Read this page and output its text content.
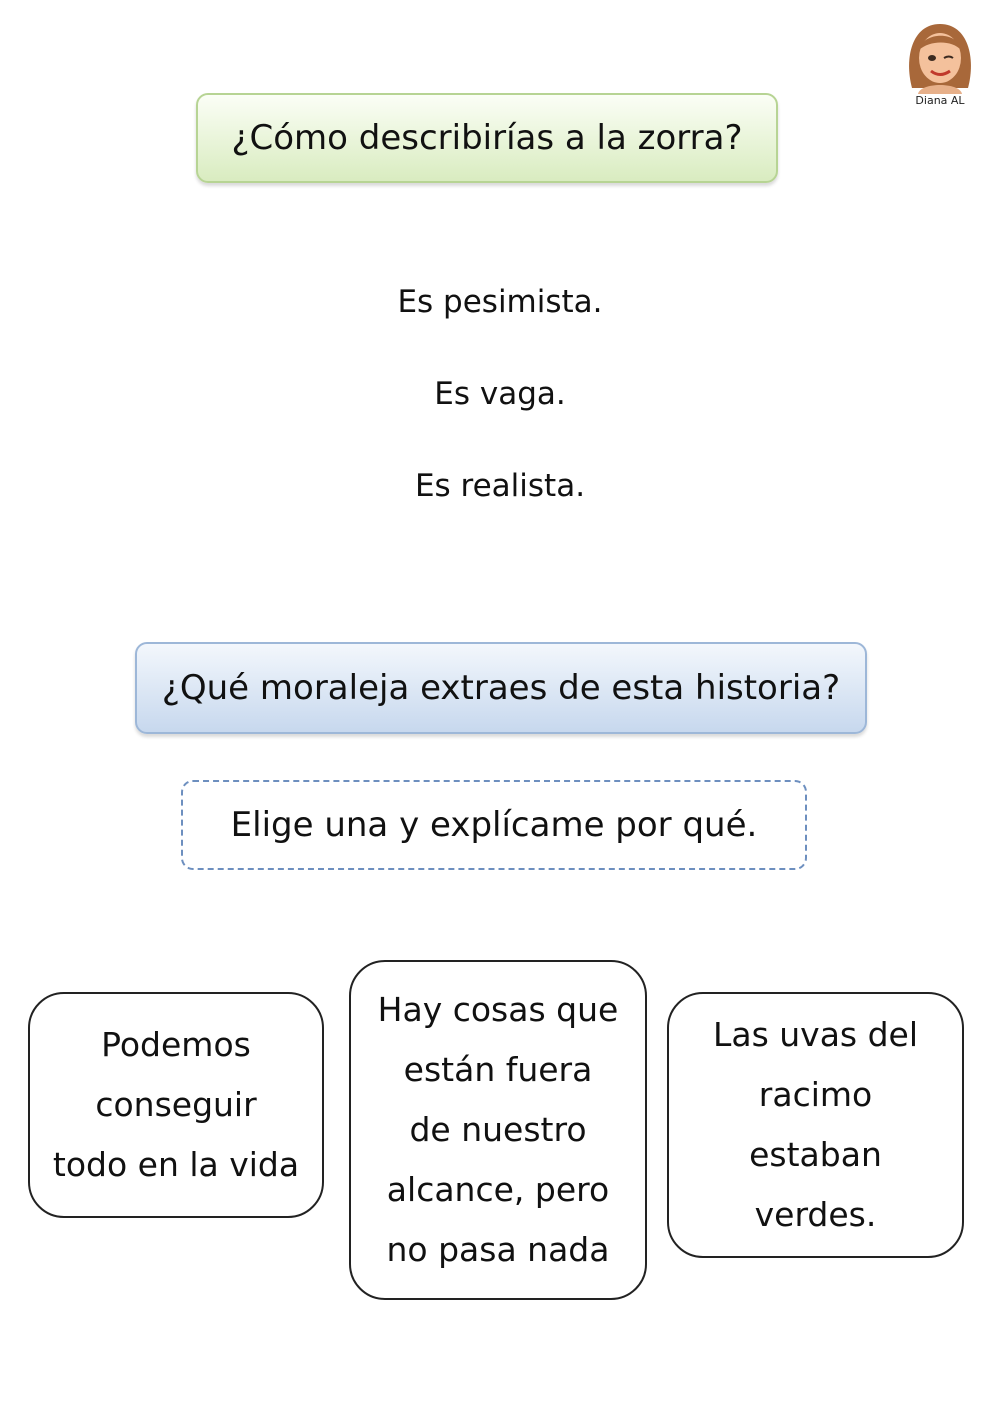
Diana AL
¿Cómo describirías a la zorra?
Es pesimista.
Es vaga.
Es realista.
¿Qué moraleja extraes de esta historia?
Elige una y explícame por qué.
Podemos
conseguir
todo en la vida
Hay cosas que
están fuera
de nuestro
alcance, pero
no pasa nada
Las uvas del
racimo
estaban
verdes.
